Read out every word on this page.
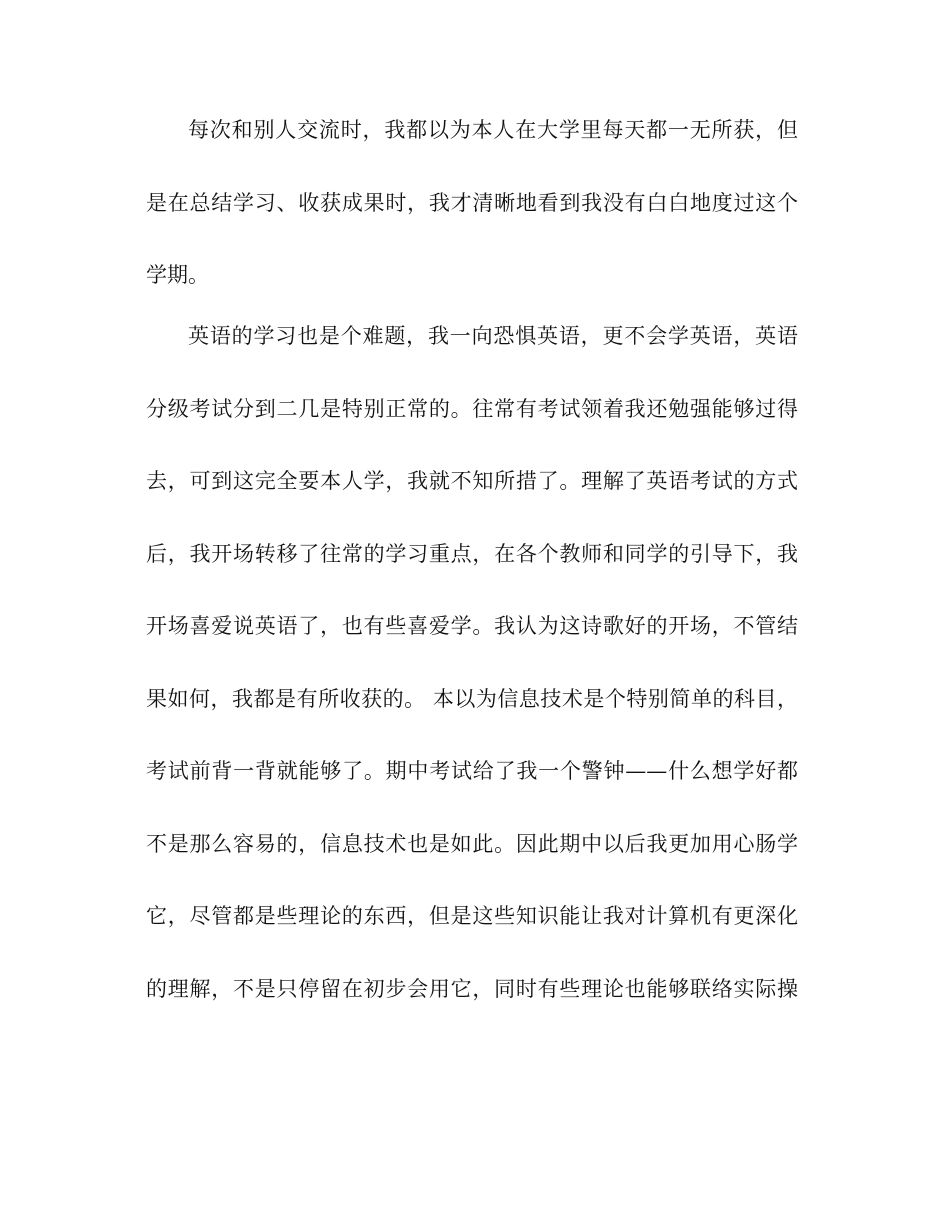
每次和别人交流时，我都以为本人在大学里每天都一无所获，但
是在总结学习、收获成果时，我才清晰地看到我没有白白地度过这个
学期。
英语的学习也是个难题，我一向恐惧英语，更不会学英语，英语
分级考试分到二几是特别正常的。往常有考试领着我还勉强能够过得
去，可到这完全要本人学，我就不知所措了。理解了英语考试的方式
后，我开场转移了往常的学习重点，在各个教师和同学的引导下，我
开场喜爱说英语了，也有些喜爱学。我认为这诗歌好的开场，不管结
果如何，我都是有所收获的。 本以为信息技术是个特别简单的科目，
考试前背一背就能够了。期中考试给了我一个警钟——什么想学好都
不是那么容易的，信息技术也是如此。因此期中以后我更加用心肠学
它，尽管都是些理论的东西，但是这些知识能让我对计算机有更深化
的理解，不是只停留在初步会用它，同时有些理论也能够联络实际操
